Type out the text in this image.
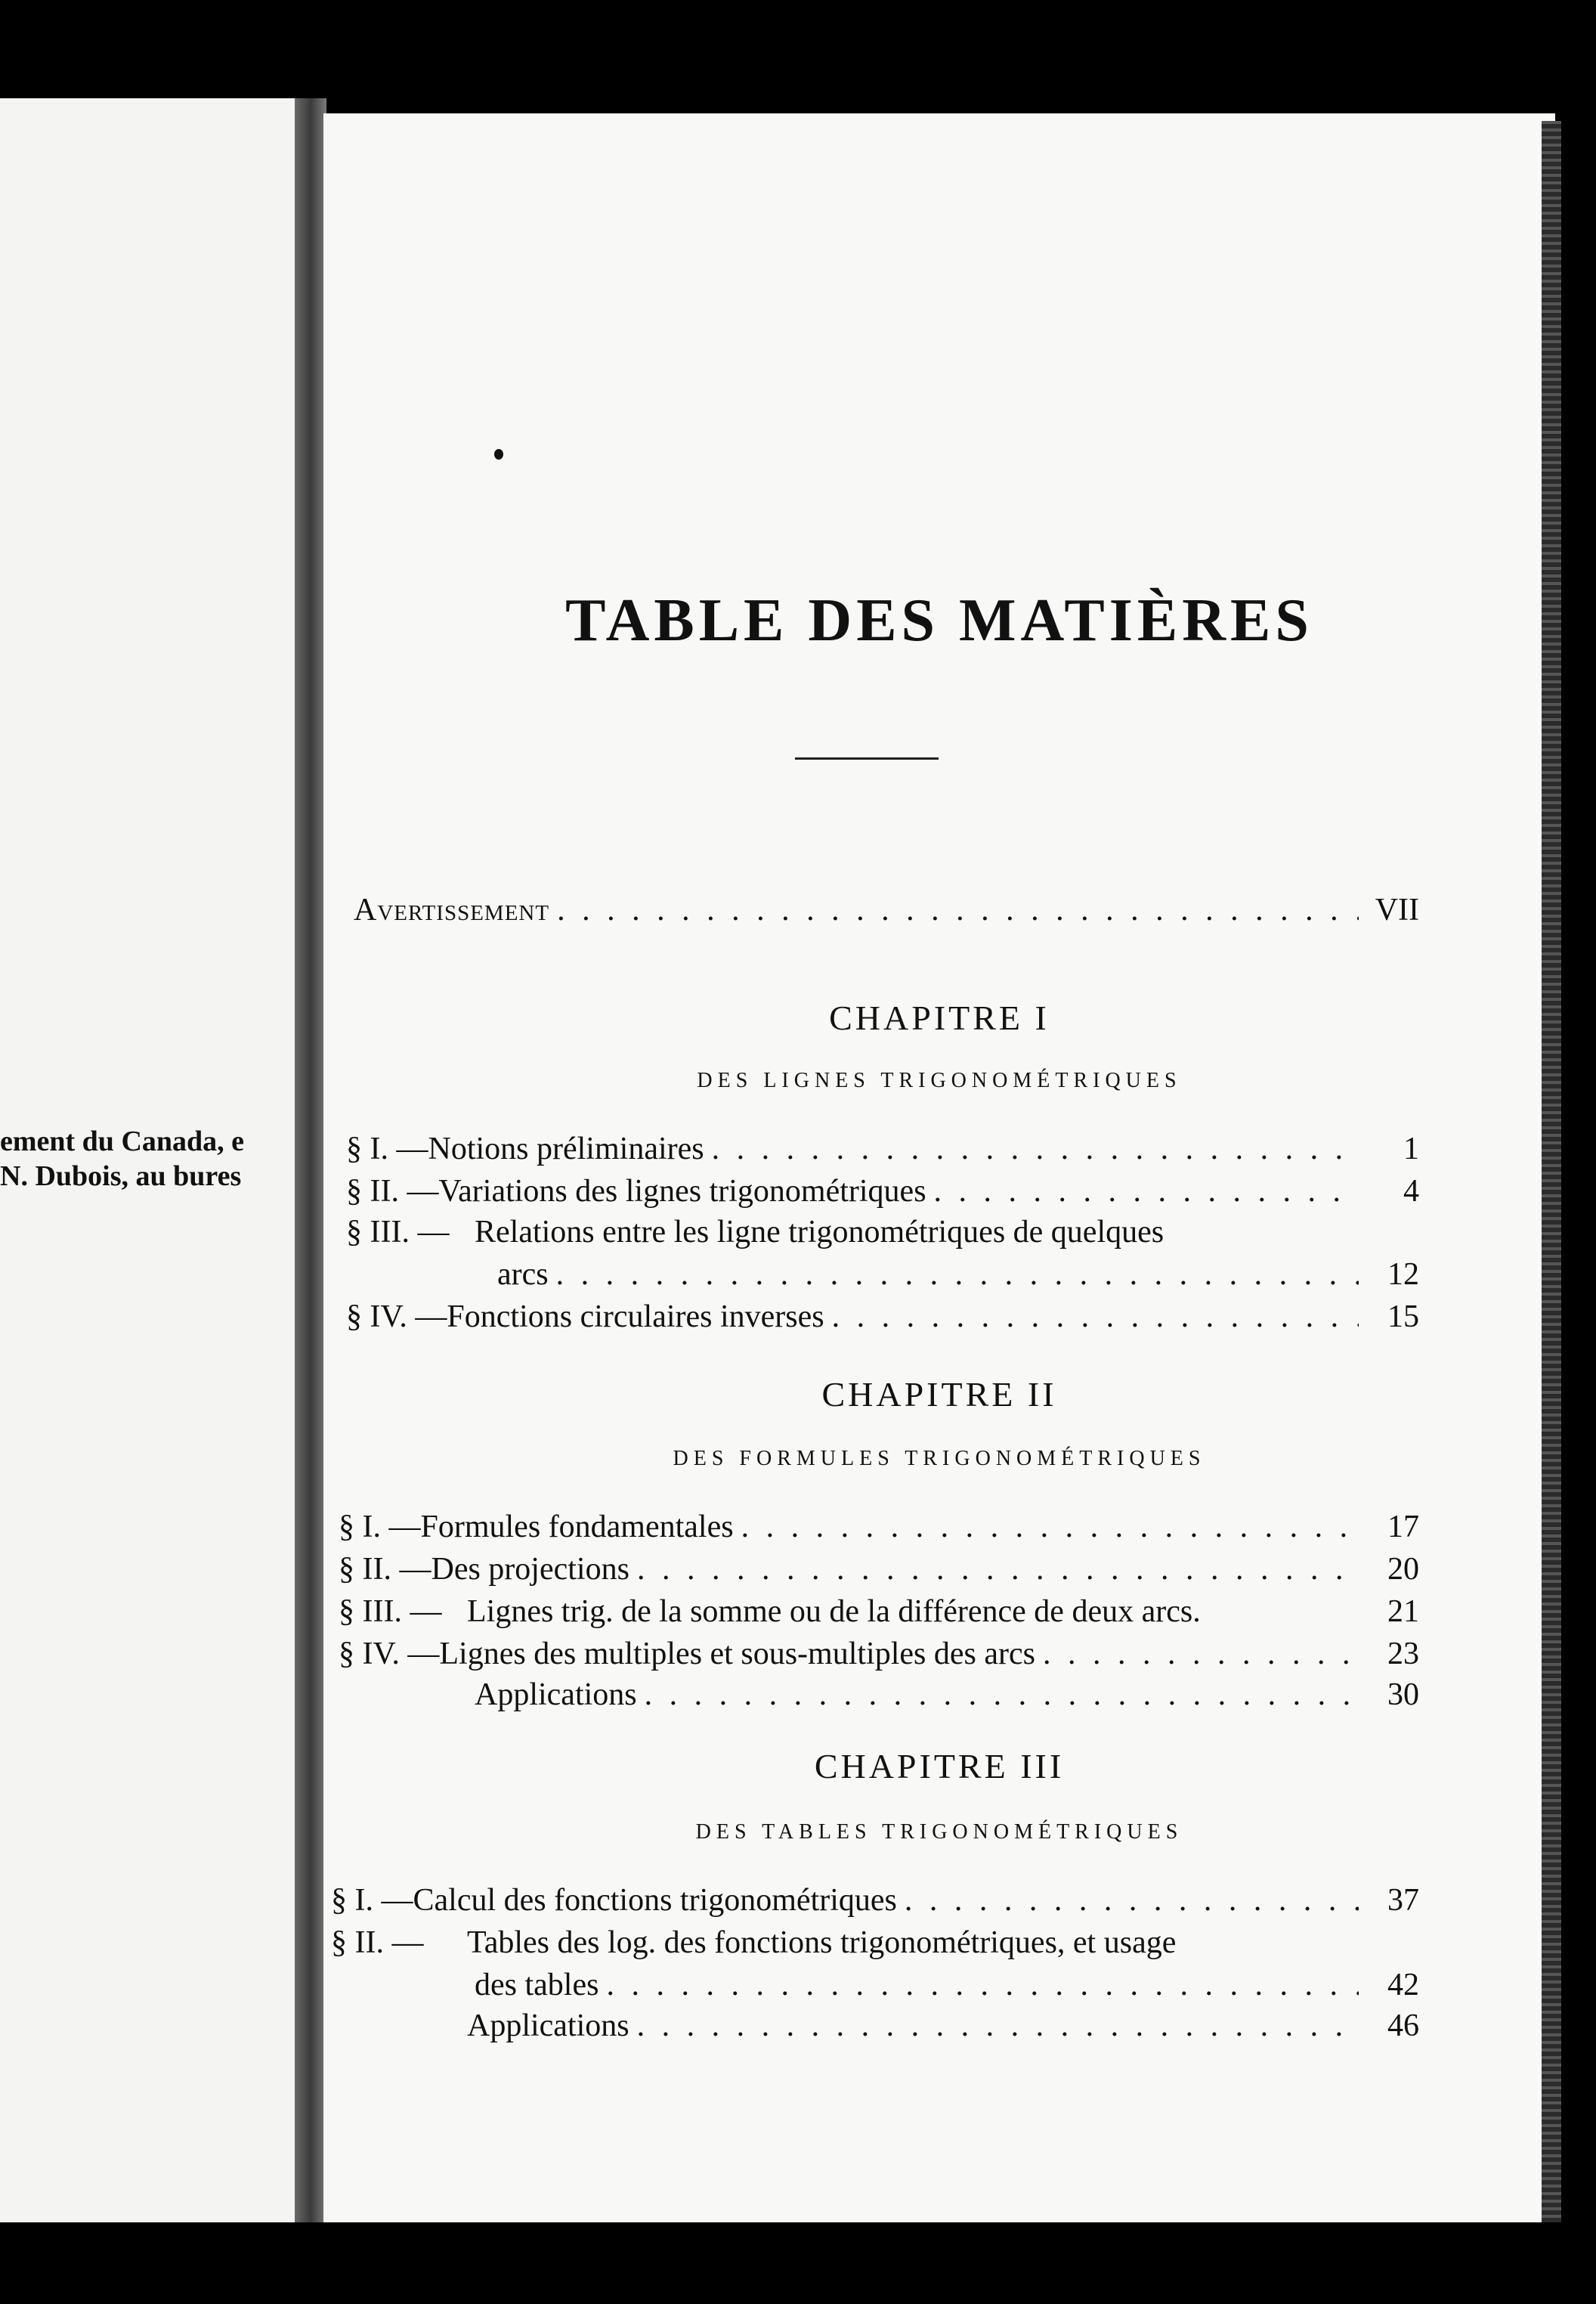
ement du Canada, e
N. Dubois, au bures
TABLE DES MATIÈRES
Avertissement . . .	VII
CHAPITRE I
DES LIGNES TRIGONOMÉTRIQUES
§ I. — Notions préliminaires . . .	1
§ II. — Variations des lignes trigonométriques . . .	4
§ III. — Relations entre les ligne trigonométriques de quelques
arcs . . .	12
§ IV. — Fonctions circulaires inverses . . .	15
CHAPITRE II
DES FORMULES TRIGONOMÉTRIQUES
§ I. — Formules fondamentales . . .	17
§ II. — Des projections . . .	20
§ III. — Lignes trig. de la somme ou de la différence de deux arcs.	21
§ IV. — Lignes des multiples et sous-multiples des arcs . . .	23
Applications . . .	30
CHAPITRE III
DES TABLES TRIGONOMÉTRIQUES
§ I. — Calcul des fonctions trigonométriques . . .	37
§ II. — Tables des log. des fonctions trigonométriques, et usage
des tables . . .	42
Applications . . .	46
